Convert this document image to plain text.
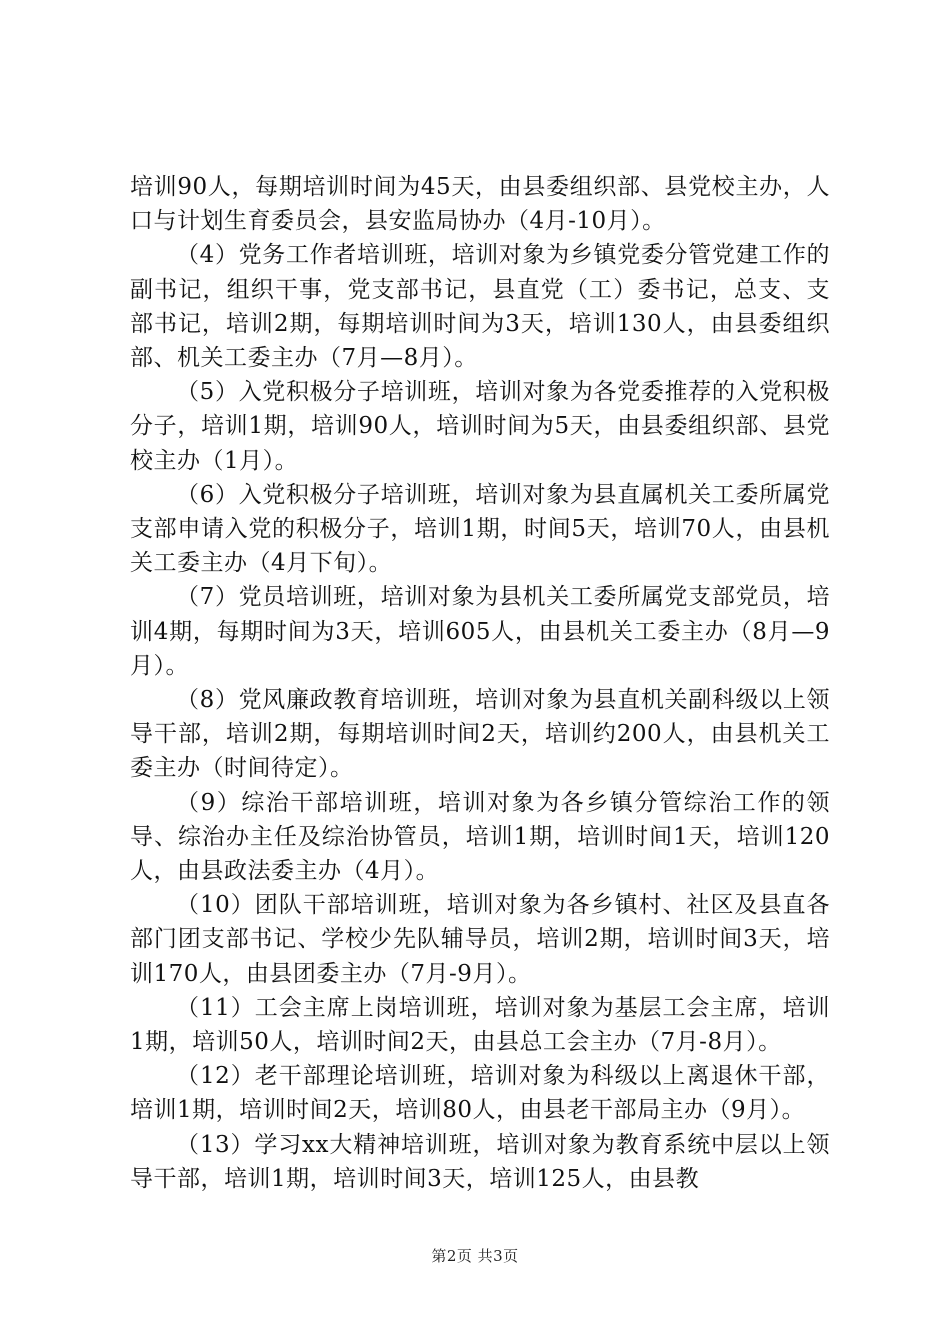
培训90人，每期培训时间为45天，由县委组织部、县党校主办，人口与计划生育委员会，县安监局协办（4月-10月）。

（4）党务工作者培训班，培训对象为乡镇党委分管党建工作的副书记，组织干事，党支部书记，县直党（工）委书记，总支、支部书记，培训2期，每期培训时间为3天，培训130人，由县委组织部、机关工委主办（7月—8月）。

（5）入党积极分子培训班，培训对象为各党委推荐的入党积极分子，培训1期，培训90人，培训时间为5天，由县委组织部、县党校主办（1月）。

（6）入党积极分子培训班，培训对象为县直属机关工委所属党支部申请入党的积极分子，培训1期，时间5天，培训70人，由县机关工委主办（4月下旬）。

（7）党员培训班，培训对象为县机关工委所属党支部党员，培训4期，每期时间为3天，培训605人，由县机关工委主办（8月—9月）。

（8）党风廉政教育培训班，培训对象为县直机关副科级以上领导干部，培训2期，每期培训时间2天，培训约200人，由县机关工委主办（时间待定）。

（9）综治干部培训班，培训对象为各乡镇分管综治工作的领导、综治办主任及综治协管员，培训1期，培训时间1天，培训120人，由县政法委主办（4月）。

（10）团队干部培训班，培训对象为各乡镇村、社区及县直各部门团支部书记、学校少先队辅导员，培训2期，培训时间3天，培训170人，由县团委主办（7月-9月）。

（11）工会主席上岗培训班，培训对象为基层工会主席，培训1期，培训50人，培训时间2天，由县总工会主办（7月-8月）。

（12）老干部理论培训班，培训对象为科级以上离退休干部，培训1期，培训时间2天，培训80人，由县老干部局主办（9月）。

（13）学习xx大精神培训班，培训对象为教育系统中层以上领导干部，培训1期，培训时间3天，培训125人，由县教

第2页 共3页
